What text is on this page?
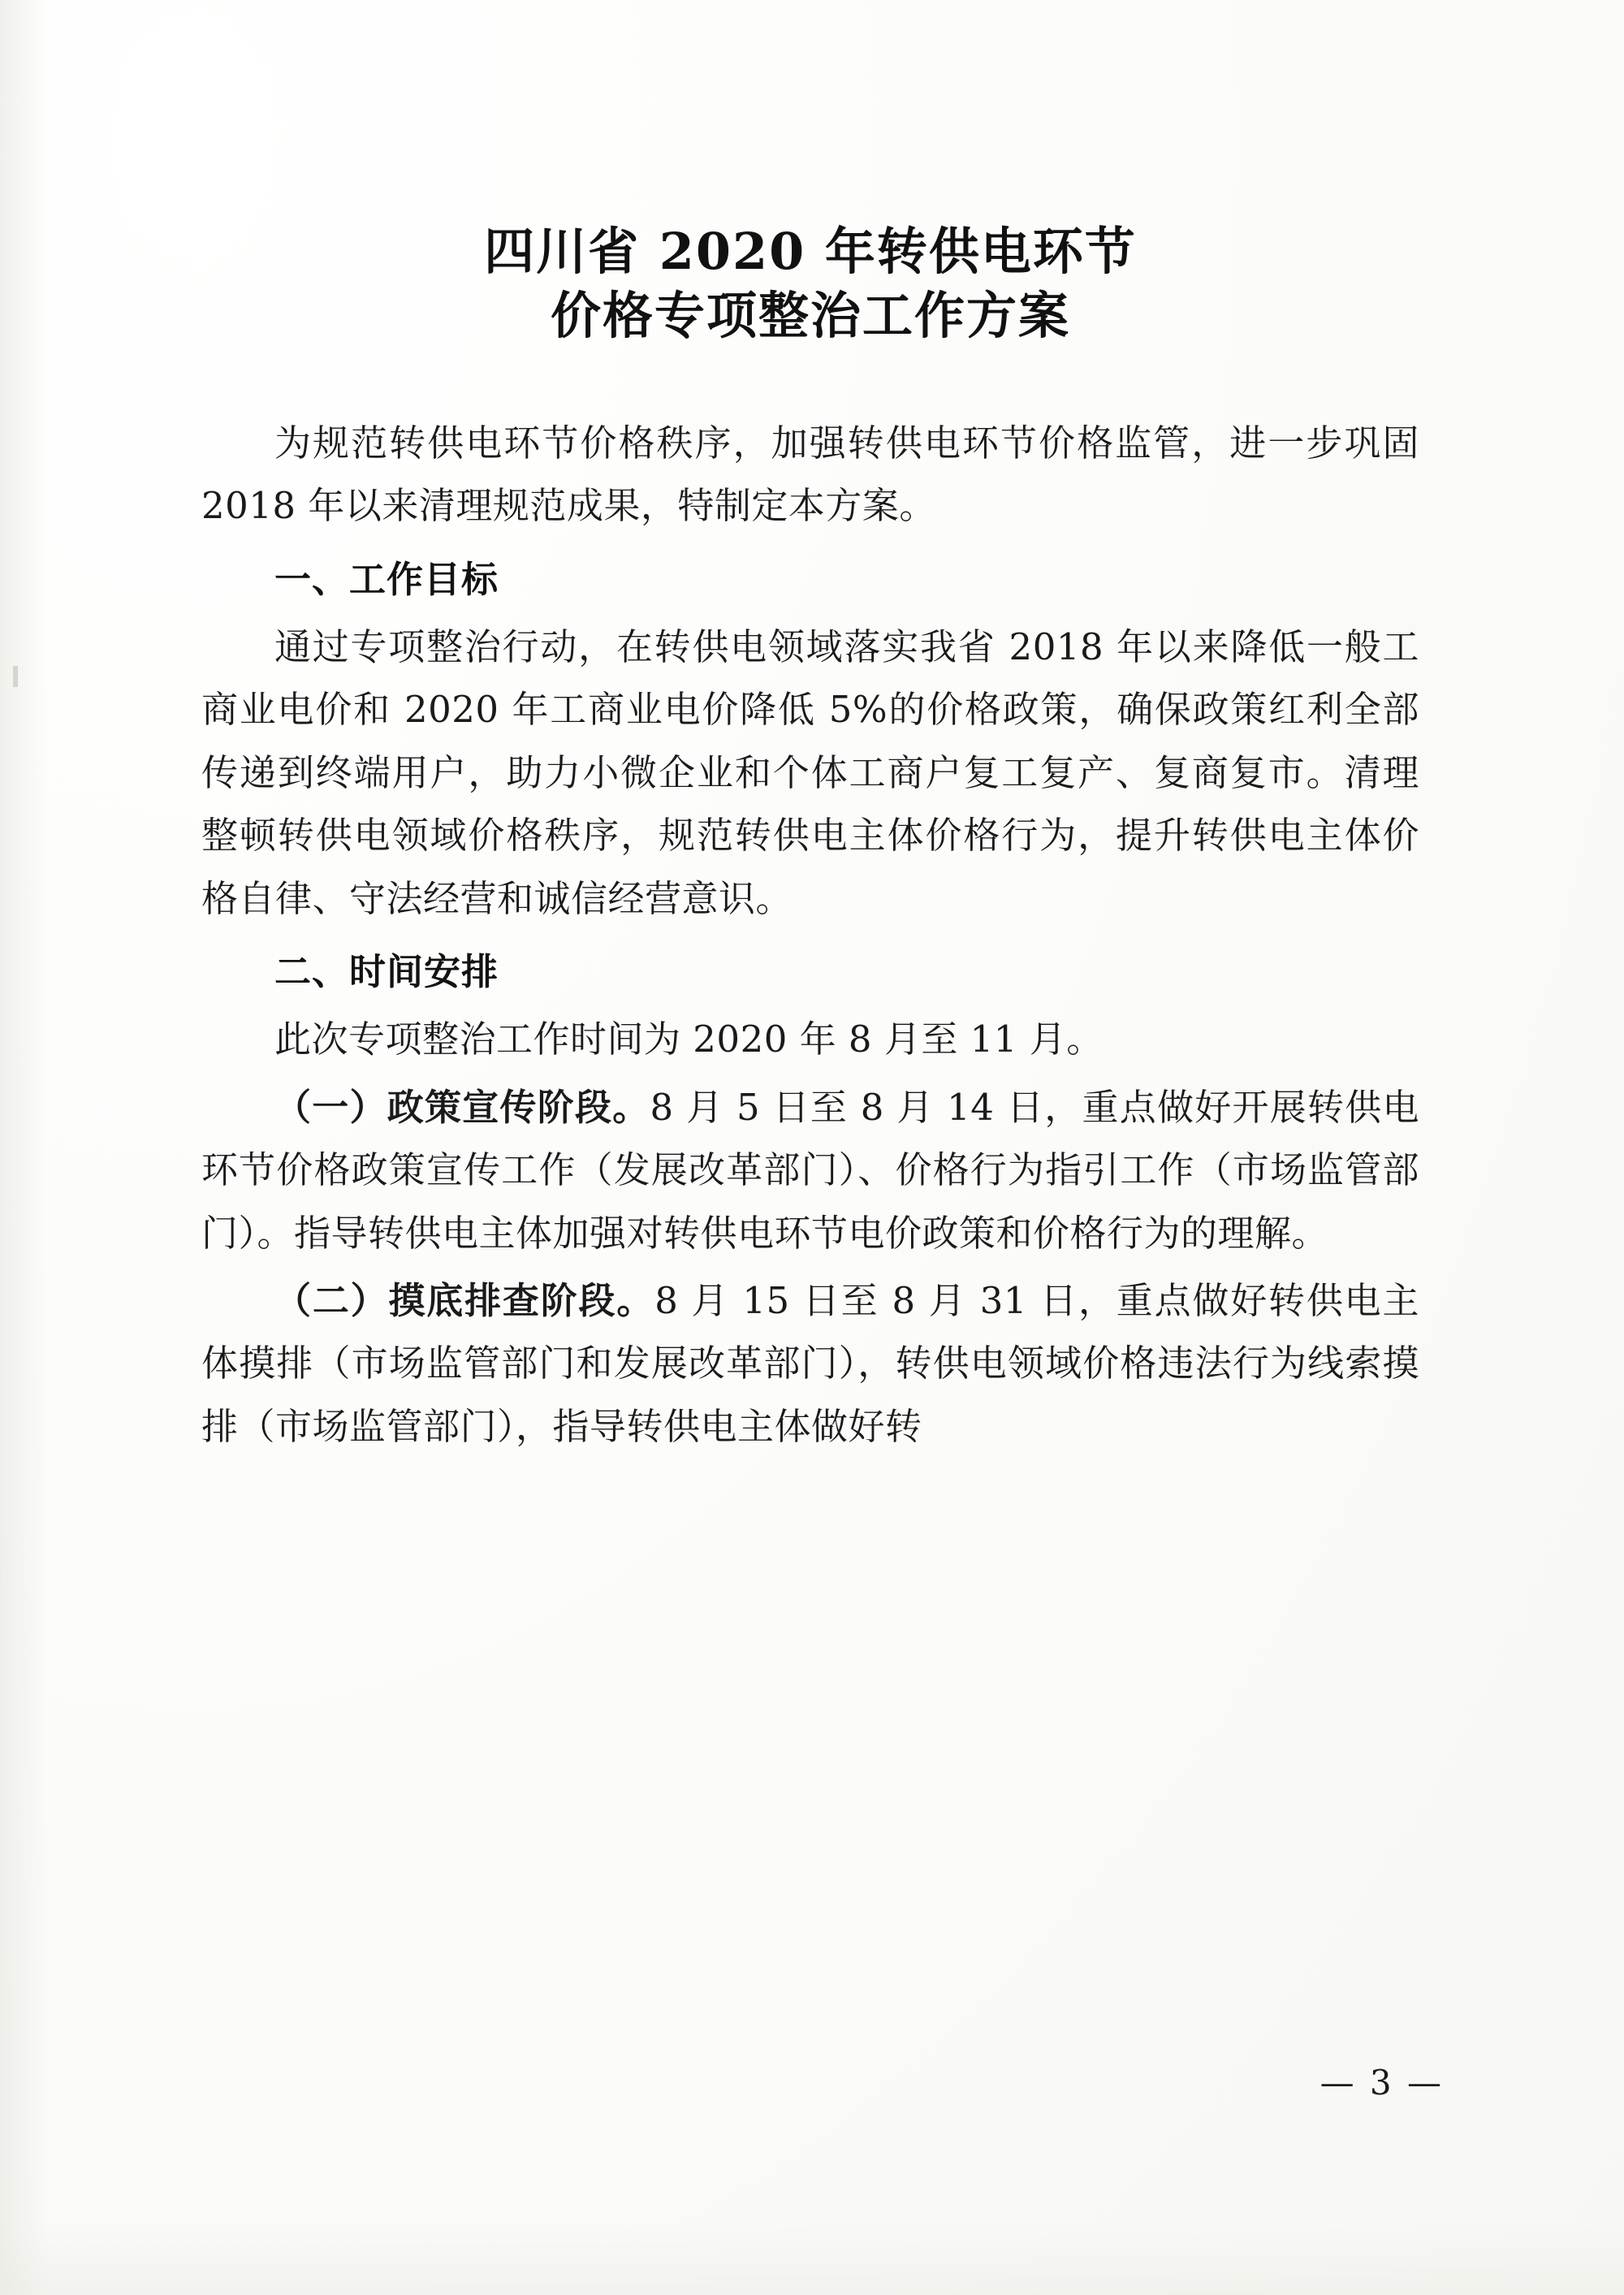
四川省 2020 年转供电环节
价格专项整治工作方案

为规范转供电环节价格秩序，加强转供电环节价格监管，进一步巩固 2018 年以来清理规范成果，特制定本方案。

一、工作目标

通过专项整治行动，在转供电领域落实我省 2018 年以来降低一般工商业电价和 2020 年工商业电价降低 5%的价格政策，确保政策红利全部传递到终端用户，助力小微企业和个体工商户复工复产、复商复市。清理整顿转供电领域价格秩序，规范转供电主体价格行为，提升转供电主体价格自律、守法经营和诚信经营意识。

二、时间安排

此次专项整治工作时间为 2020 年 8 月至 11 月。

（一）政策宣传阶段。8 月 5 日至 8 月 14 日，重点做好开展转供电环节价格政策宣传工作（发展改革部门）、价格行为指引工作（市场监管部门）。指导转供电主体加强对转供电环节电价政策和价格行为的理解。

（二）摸底排查阶段。8 月 15 日至 8 月 31 日，重点做好转供电主体摸排（市场监管部门和发展改革部门），转供电领域价格违法行为线索摸排（市场监管部门），指导转供电主体做好转

— 3 —
